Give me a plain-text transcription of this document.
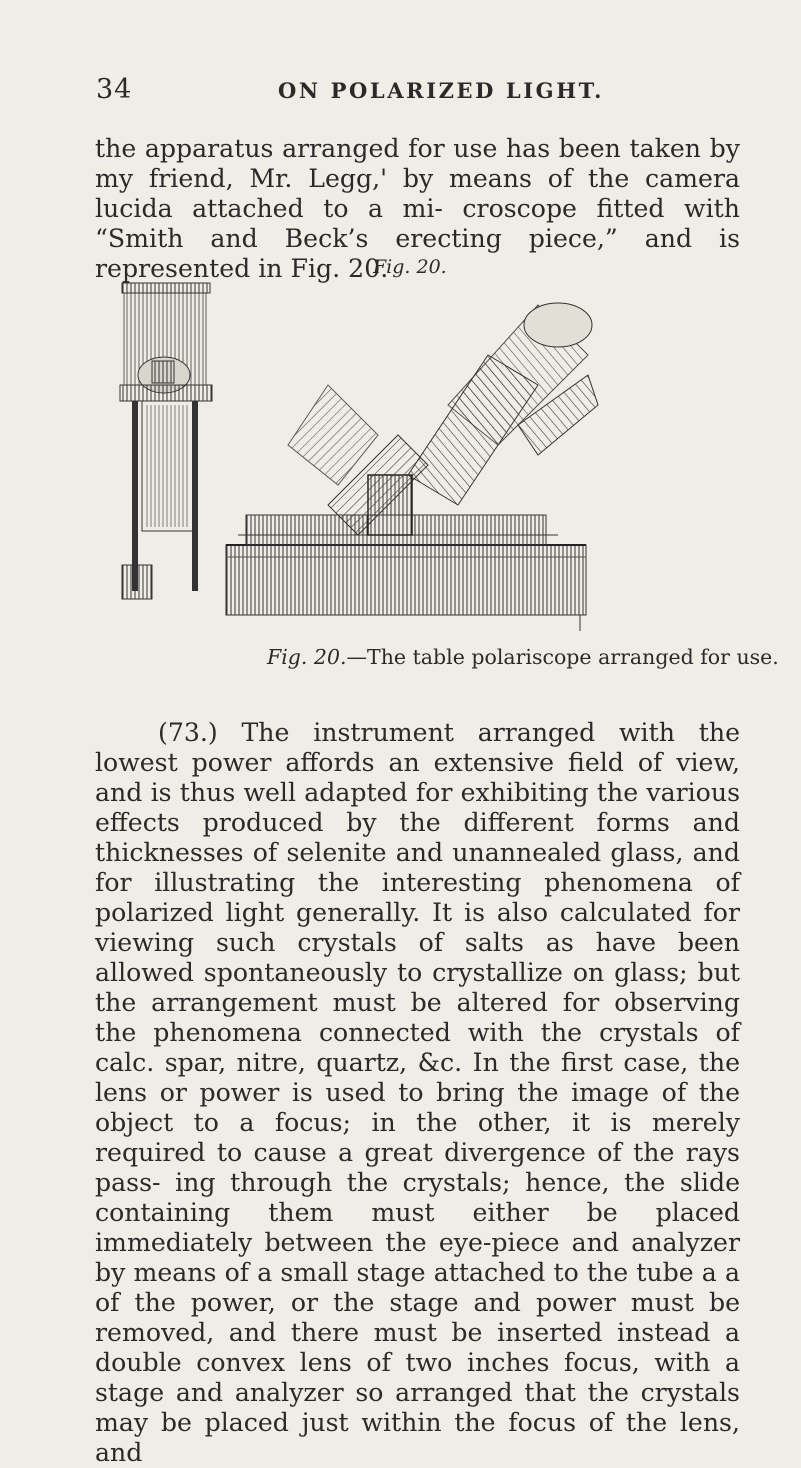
34	ON POLARIZED LIGHT.

the apparatus arranged for use has been taken by my friend, Mr. Legg,' by means of the camera lucida attached to a mi- croscope fitted with “Smith and Beck’s erecting piece,” and is represented in Fig. 20.

Fig. 20.
Fig. 20.—The table polariscope arranged for use.

(73.) The instrument arranged with the lowest power affords an extensive field of view, and is thus well adapted for exhibiting the various effects produced by the different forms and thicknesses of selenite and unannealed glass, and for illustrating the interesting phenomena of polarized light generally. It is also calculated for viewing such crystals of salts as have been allowed spontaneously to crystallize on glass; but the arrangement must be altered for observing the phenomena connected with the crystals of calc. spar, nitre, quartz, &c. In the first case, the lens or power is used to bring the image of the object to a focus; in the other, it is merely required to cause a great divergence of the rays pass- ing through the crystals; hence, the slide containing them must either be placed immediately between the eye-piece and analyzer by means of a small stage attached to the tube a a of the power, or the stage and power must be removed, and there must be inserted instead a double convex lens of two inches focus, with a stage and analyzer so arranged that the crystals may be placed just within the focus of the lens, and
